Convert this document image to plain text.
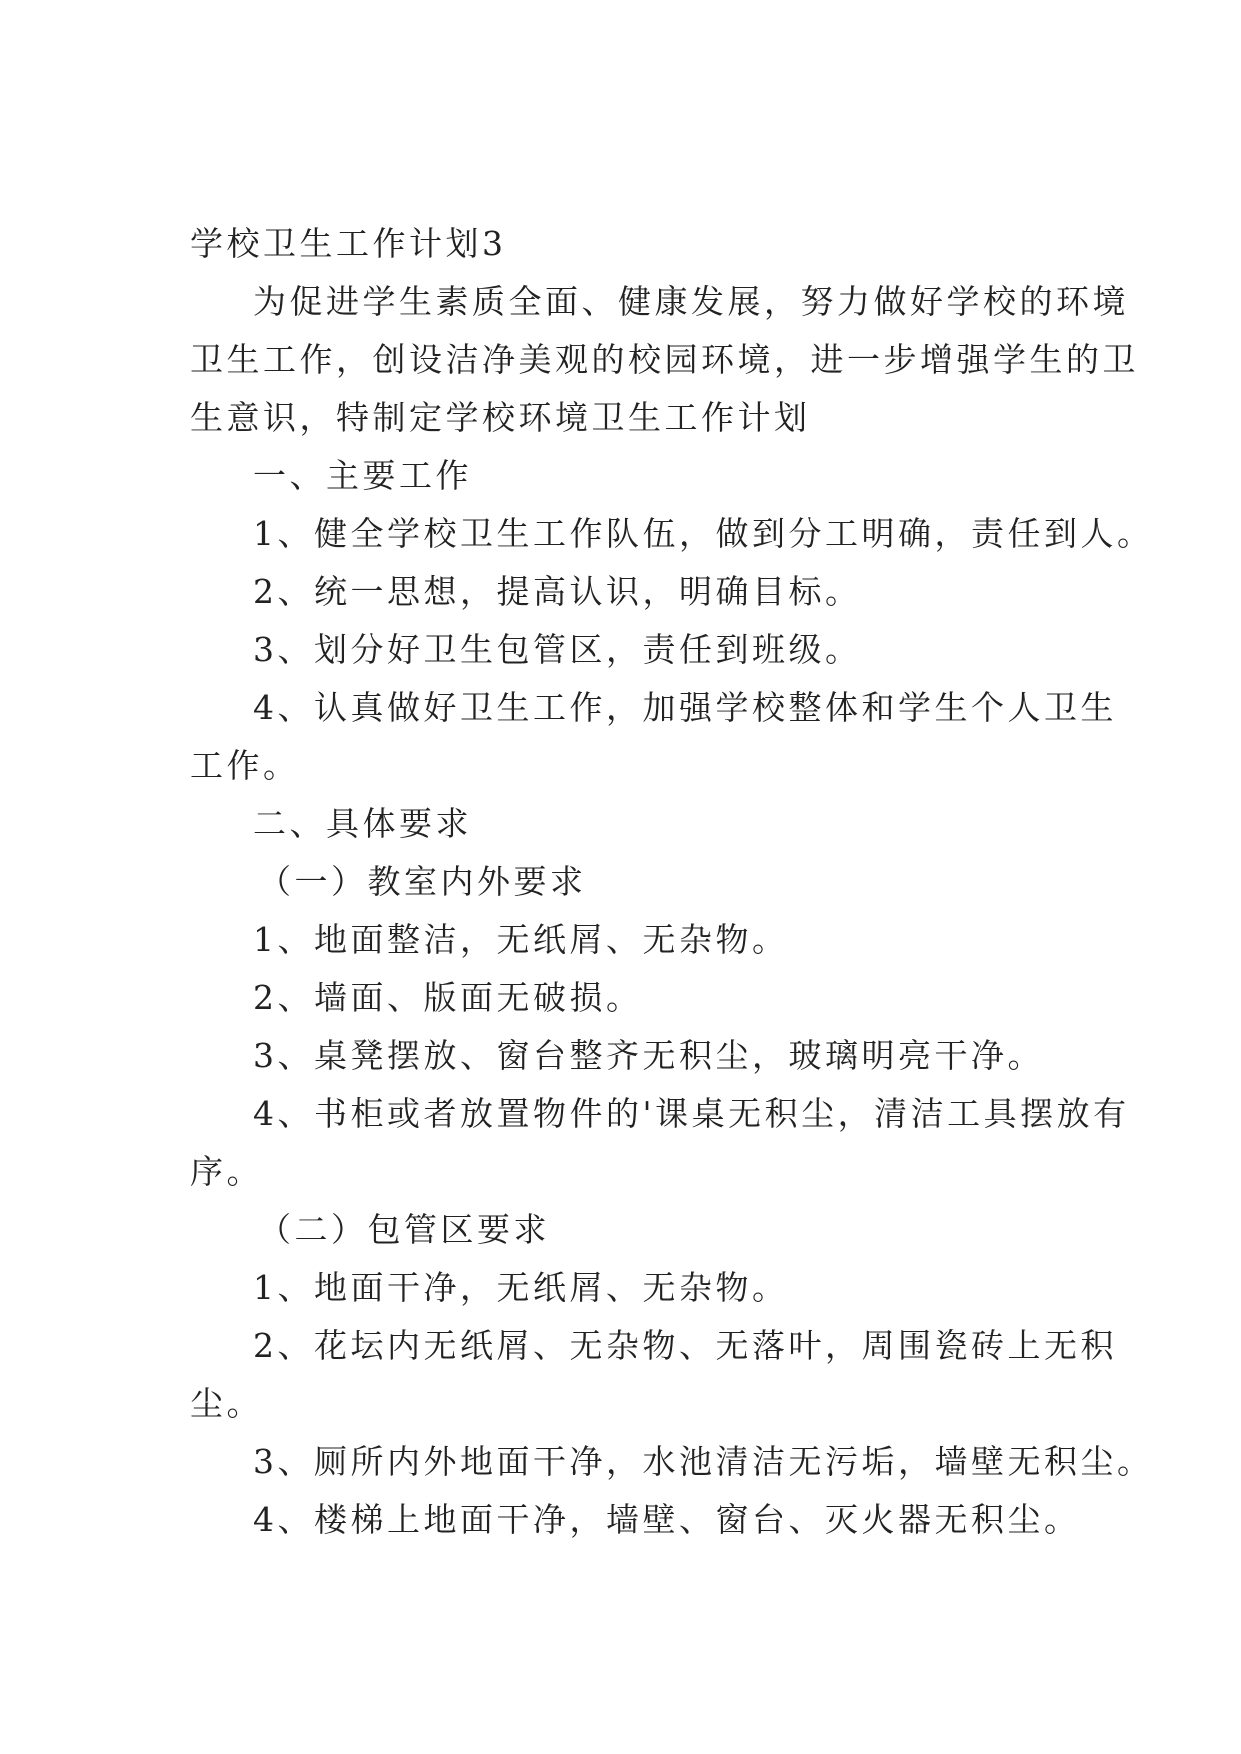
学校卫生工作计划3
为促进学生素质全面、健康发展，努力做好学校的环境
卫生工作，创设洁净美观的校园环境，进一步增强学生的卫
生意识，特制定学校环境卫生工作计划
一、主要工作
1、健全学校卫生工作队伍，做到分工明确，责任到人。
2、统一思想，提高认识，明确目标。
3、划分好卫生包管区，责任到班级。
4、认真做好卫生工作，加强学校整体和学生个人卫生
工作。
二、具体要求
（一）教室内外要求
1、地面整洁，无纸屑、无杂物。
2、墙面、版面无破损。
3、桌凳摆放、窗台整齐无积尘，玻璃明亮干净。
4、书柜或者放置物件的'课桌无积尘，清洁工具摆放有
序。
（二）包管区要求
1、地面干净，无纸屑、无杂物。
2、花坛内无纸屑、无杂物、无落叶，周围瓷砖上无积
尘。
3、厕所内外地面干净，水池清洁无污垢，墙壁无积尘。
4、楼梯上地面干净，墙壁、窗台、灭火器无积尘。
